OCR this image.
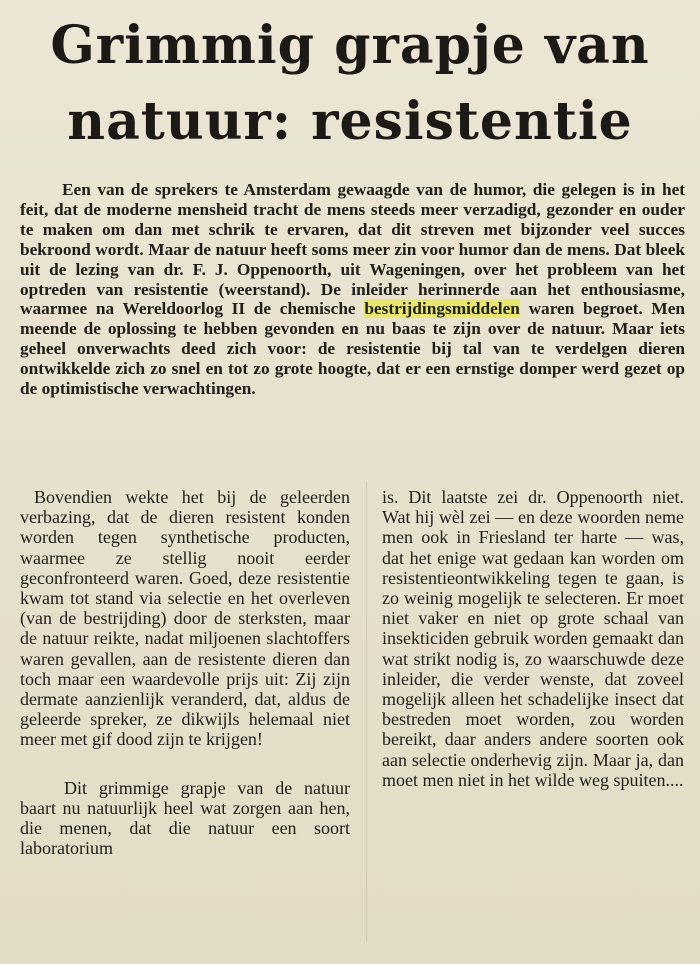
Grimmig grapje van
natuur: resistentie

Een van de sprekers te Amsterdam gewaagde van de humor, die gelegen is in het feit, dat de moderne mensheid tracht de mens steeds meer verzadigd, gezonder en ouder te maken om dan met schrik te ervaren, dat dit streven met bijzonder veel succes bekroond wordt. Maar de natuur heeft soms meer zin voor humor dan de mens. Dat bleek uit de lezing van dr. F. J. Oppenoorth, uit Wageningen, over het probleem van het optreden van resistentie (weerstand). De inleider herinnerde aan het enthousiasme, waarmee na Wereldoorlog II de chemische bestrijdingsmiddelen waren begroet. Men meende de oplossing te hebben gevonden en nu baas te zijn over de natuur. Maar iets geheel onverwachts deed zich voor: de resistentie bij tal van te verdelgen dieren ontwikkelde zich zo snel en tot zo grote hoogte, dat er een ernstige domper werd gezet op de optimistische verwachtingen.

Bovendien wekte het bij de geleerden verbazing, dat de dieren resistent konden worden tegen synthetische producten, waarmee ze stellig nooit eerder geconfronteerd waren. Goed, deze resistentie kwam tot stand via selectie en het overleven (van de bestrijding) door de sterksten, maar de natuur reikte, nadat miljoenen slachtoffers waren gevallen, aan de resistente dieren dan toch maar een waardevolle prijs uit: Zij zijn dermate aanzienlijk veranderd, dat, aldus de geleerde spreker, ze dikwijls helemaal niet meer met gif dood zijn te krijgen!

Dit grimmige grapje van de natuur baart nu natuurlijk heel wat zorgen aan hen, die menen, dat die natuur een soort laboratorium

is. Dit laatste zei dr. Oppenoorth niet. Wat hij wèl zei — en deze woorden neme men ook in Friesland ter harte — was, dat het enige wat gedaan kan worden om resistentieontwikkeling tegen te gaan, is zo weinig mogelijk te selecteren. Er moet niet vaker en niet op grote schaal van insekticiden gebruik worden gemaakt dan wat strikt nodig is, zo waarschuwde deze inleider, die verder wenste, dat zoveel mogelijk alleen het schadelijke insect dat bestreden moet worden, zou worden bereikt, daar anders andere soorten ook aan selectie onderhevig zijn. Maar ja, dan moet men niet in het wilde weg spuiten....
